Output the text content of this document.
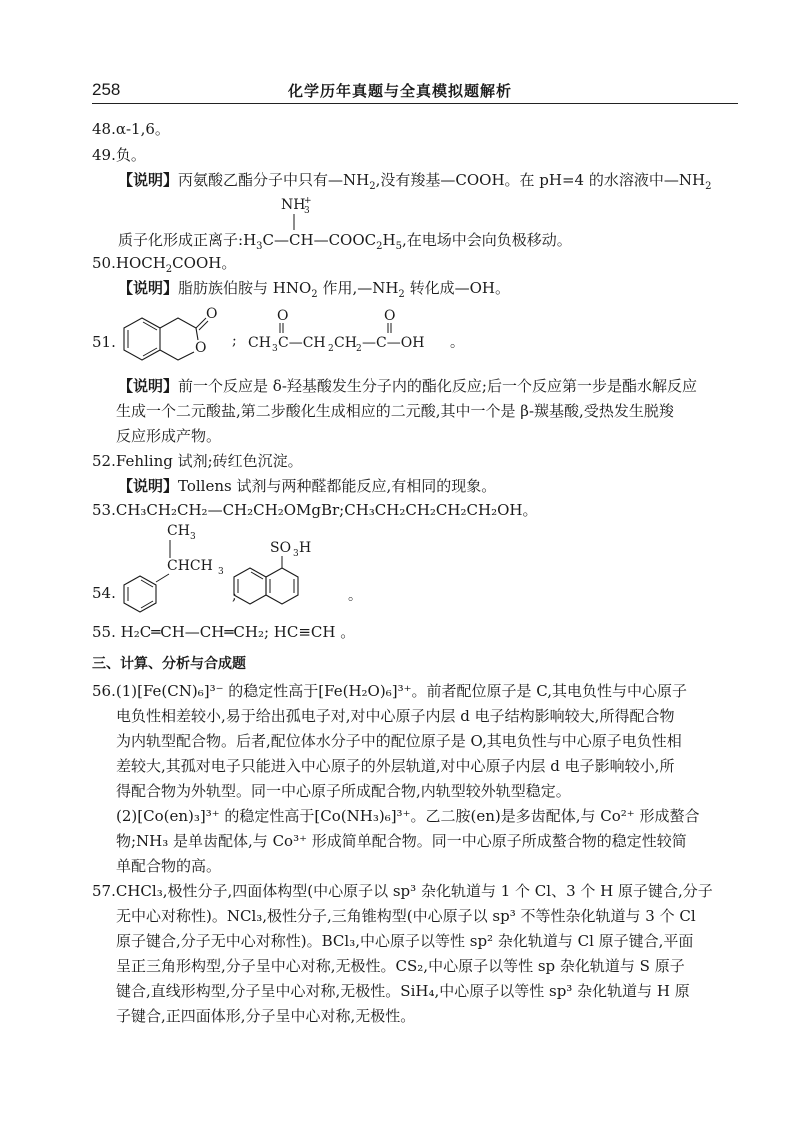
258	化学历年真题与全真模拟题解析
48.α-1,6。
49.负。
【说明】丙氨酸乙酯分子中只有$—NH_2$,没有羧基—COOH。在 pH=4 的水溶液中$—NH_2$
NH
3
+
质子化形成正离子$:H_3C—CH—COOC_2H_5$,在电场中会向负极移动。
$50.HOCH_2COOH$。
【说明】脂肪族伯胺与 $HNO_2$ 作用$,—NH_2$ 转化成—OH。
51.
O
O ;
O	O
CH 3 C—CH 2 CH 2 —C—OH 。
【说明】前一个反应是 δ-羟基酸发生分子内的酯化反应;后一个反应第一步是酯水解反应
生成一个二元酸盐,第二步酸化生成相应的二元酸,其中一个是 β-羰基酸,受热发生脱羧
反应形成产物。
52.Fehling 试剂;砖红色沉淀。
【说明】Tollens 试剂与两种醛都能反应,有相同的现象。
53.CH₃CH₂CH₂—CH₂CH₂OMgBr;CH₃CH₂CH₂CH₂CH₂OH。
54.
CH 3
CHCH 3
;
SO 3 H
。
55. H₂C═CH—CH═CH₂; HC≡CH 。
三、计算、分析与合成题
56.(1)[Fe(CN)₆]³⁻ 的稳定性高于[Fe(H₂O)₆]³⁺。前者配位原子是 C,其电负性与中心原子
电负性相差较小,易于给出孤电子对,对中心原子内层 d 电子结构影响较大,所得配合物
为内轨型配合物。后者,配位体水分子中的配位原子是 O,其电负性与中心原子电负性相
差较大,其孤对电子只能进入中心原子的外层轨道,对中心原子内层 d 电子影响较小,所
得配合物为外轨型。同一中心原子所成配合物,内轨型较外轨型稳定。
(2)[Co(en)₃]³⁺ 的稳定性高于[Co(NH₃)₆]³⁺。乙二胺(en)是多齿配体,与 Co²⁺ 形成螯合
物;NH₃ 是单齿配体,与 Co³⁺ 形成简单配合物。同一中心原子所成螯合物的稳定性较简
单配合物的高。
57.CHCl₃,极性分子,四面体构型(中心原子以 sp³ 杂化轨道与 1 个 Cl、3 个 H 原子键合,分子
无中心对称性)。NCl₃,极性分子,三角锥构型(中心原子以 sp³ 不等性杂化轨道与 3 个 Cl
原子键合,分子无中心对称性)。BCl₃,中心原子以等性 sp² 杂化轨道与 Cl 原子键合,平面
呈正三角形构型,分子呈中心对称,无极性。CS₂,中心原子以等性 sp 杂化轨道与 S 原子
键合,直线形构型,分子呈中心对称,无极性。SiH₄,中心原子以等性 sp³ 杂化轨道与 H 原
子键合,正四面体形,分子呈中心对称,无极性。
